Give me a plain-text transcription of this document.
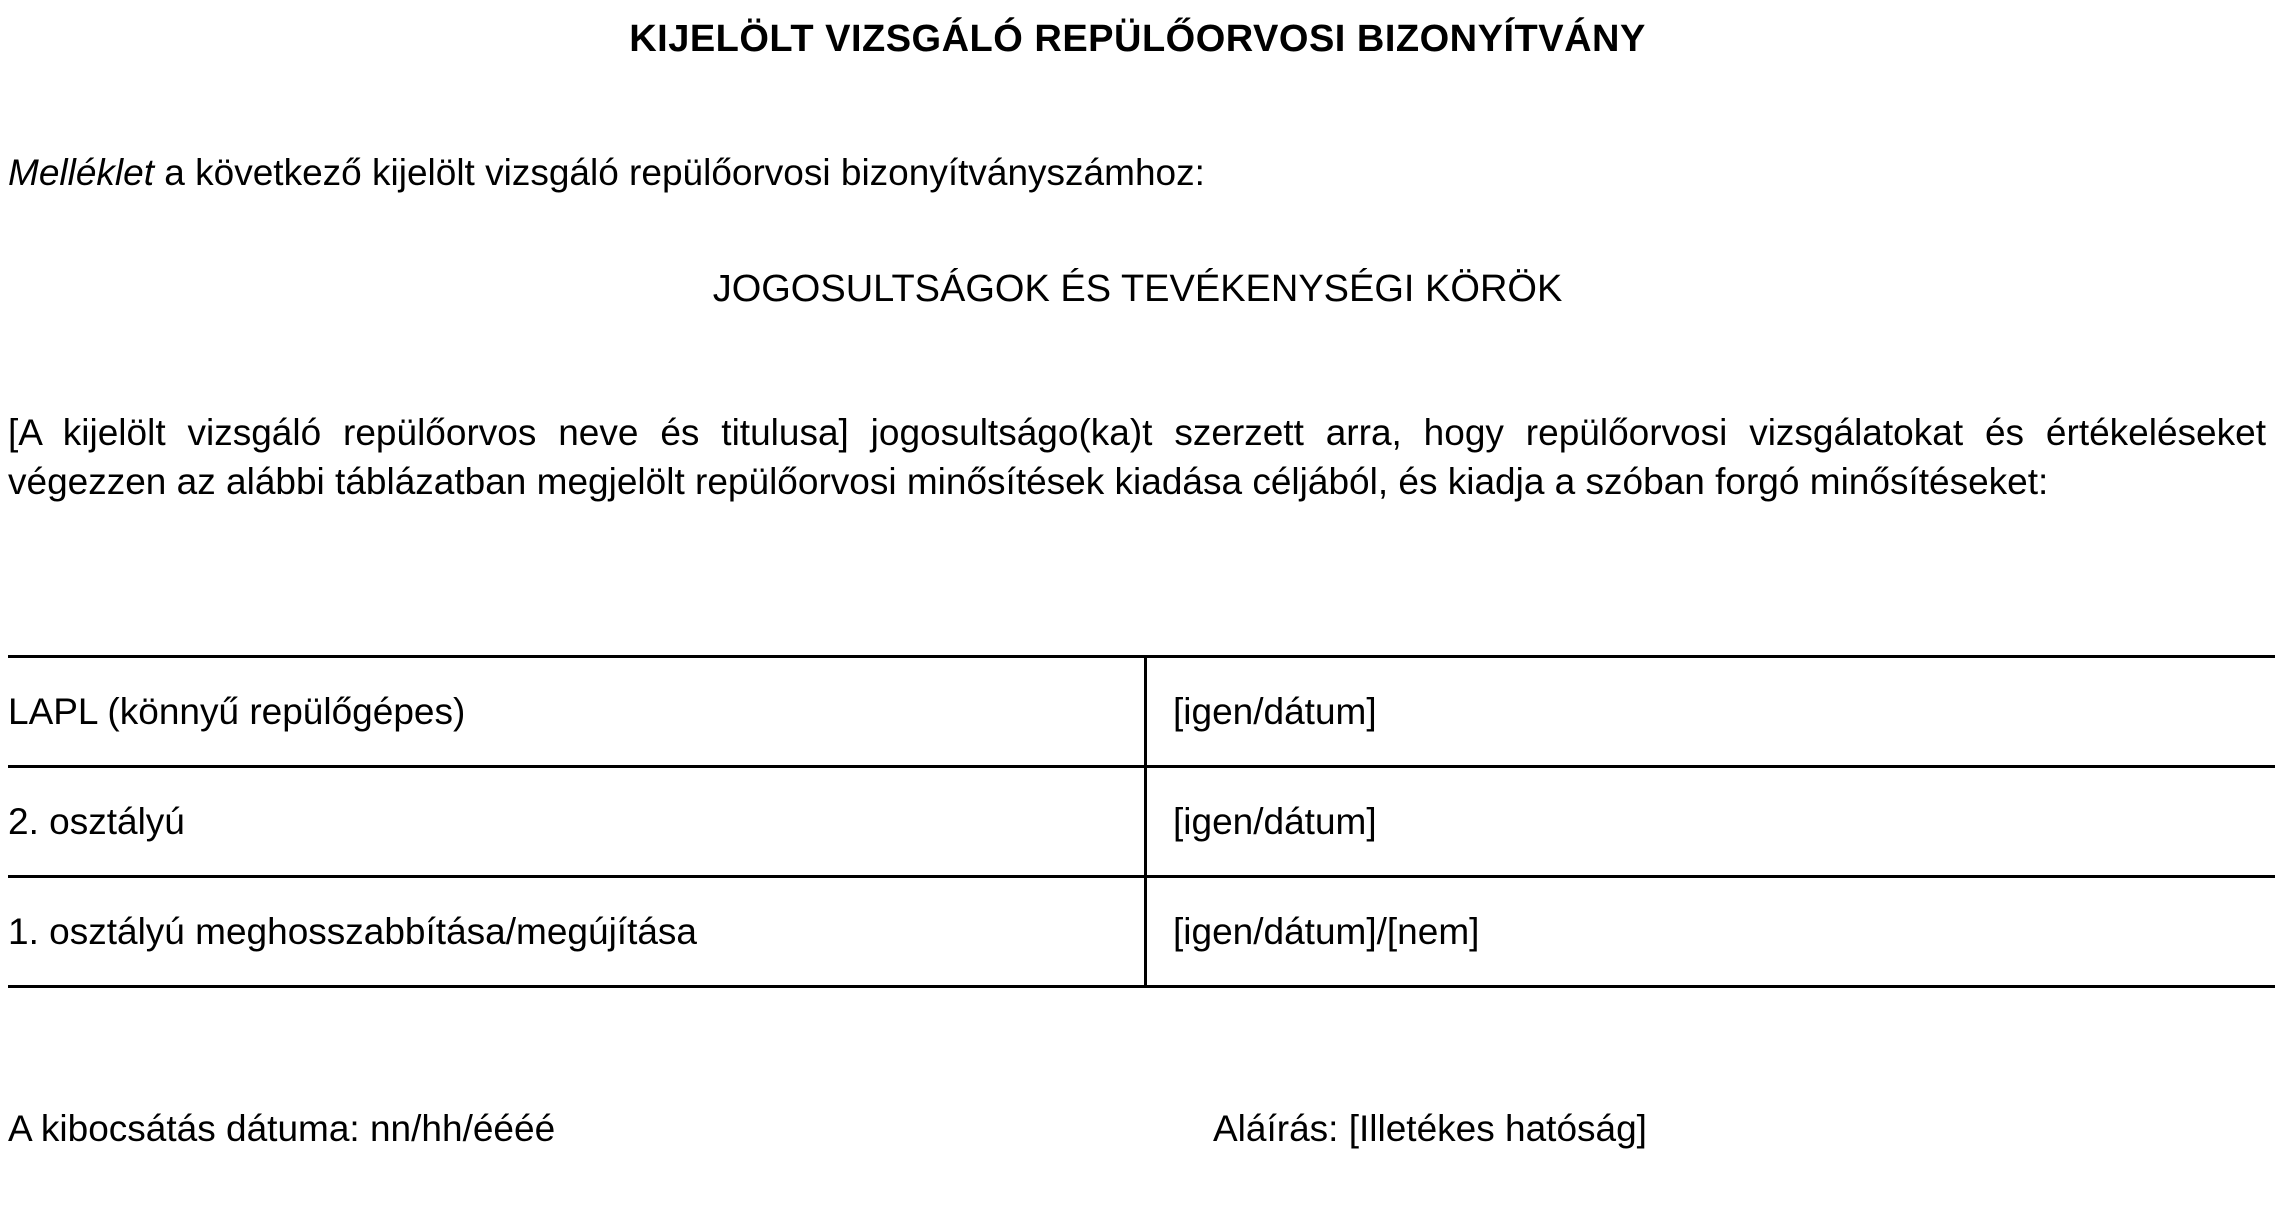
KIJELÖLT VIZSGÁLÓ REPÜLŐORVOSI BIZONYÍTVÁNY
Melléklet a következő kijelölt vizsgáló repülőorvosi bizonyítványszámhoz:
JOGOSULTSÁGOK ÉS TEVÉKENYSÉGI KÖRÖK
[A kijelölt vizsgáló repülőorvos neve és titulusa] jogosultságo(ka)t szerzett arra, hogy repülőorvosi vizsgálatokat és értékeléseket végezzen az alábbi táblázatban megjelölt repülőorvosi minősítések kiadása céljából, és kiadja a szóban forgó minősítéseket:
LAPL (könnyű repülőgépes)	[igen/dátum]
2. osztályú	[igen/dátum]
1. osztályú meghosszabbítása/megújítása	[igen/dátum]/[nem]
A kibocsátás dátuma: nn/hh/éééé	Aláírás: [Illetékes hatóság]
